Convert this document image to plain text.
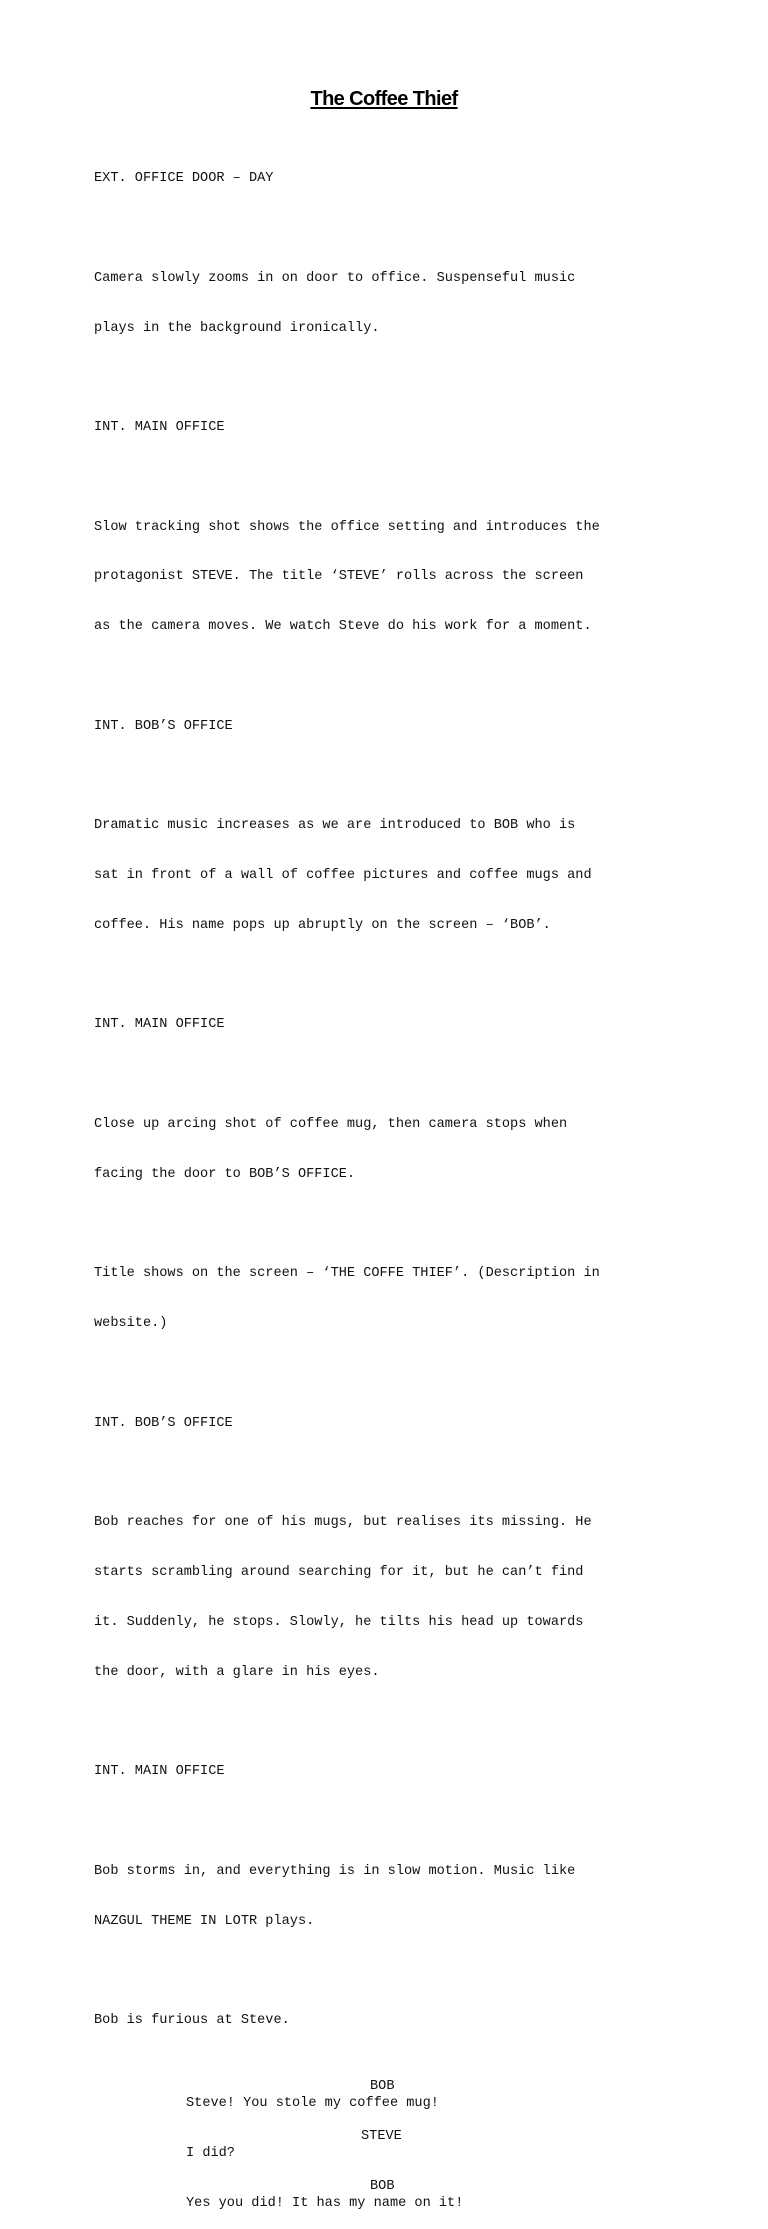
The Coffee Thief

EXT. OFFICE DOOR – DAY

Camera slowly zooms in on door to office. Suspenseful music

plays in the background ironically.

INT. MAIN OFFICE

Slow tracking shot shows the office setting and introduces the

protagonist STEVE. The title ‘STEVE’ rolls across the screen

as the camera moves. We watch Steve do his work for a moment.

INT. BOB’S OFFICE

Dramatic music increases as we are introduced to BOB who is

sat in front of a wall of coffee pictures and coffee mugs and

coffee. His name pops up abruptly on the screen – ‘BOB’.

INT. MAIN OFFICE

Close up arcing shot of coffee mug, then camera stops when

facing the door to BOB’S OFFICE.

Title shows on the screen – ‘THE COFFE THIEF’. (Description in

website.)

INT. BOB’S OFFICE

Bob reaches for one of his mugs, but realises its missing. He

starts scrambling around searching for it, but he can’t find

it. Suddenly, he stops. Slowly, he tilts his head up towards

the door, with a glare in his eyes.

INT. MAIN OFFICE

Bob storms in, and everything is in slow motion. Music like

NAZGUL THEME IN LOTR plays.

Bob is furious at Steve.

BOB
Steve! You stole my coffee mug!
STEVE
I did?
BOB
Yes you did! It has my name on it!
